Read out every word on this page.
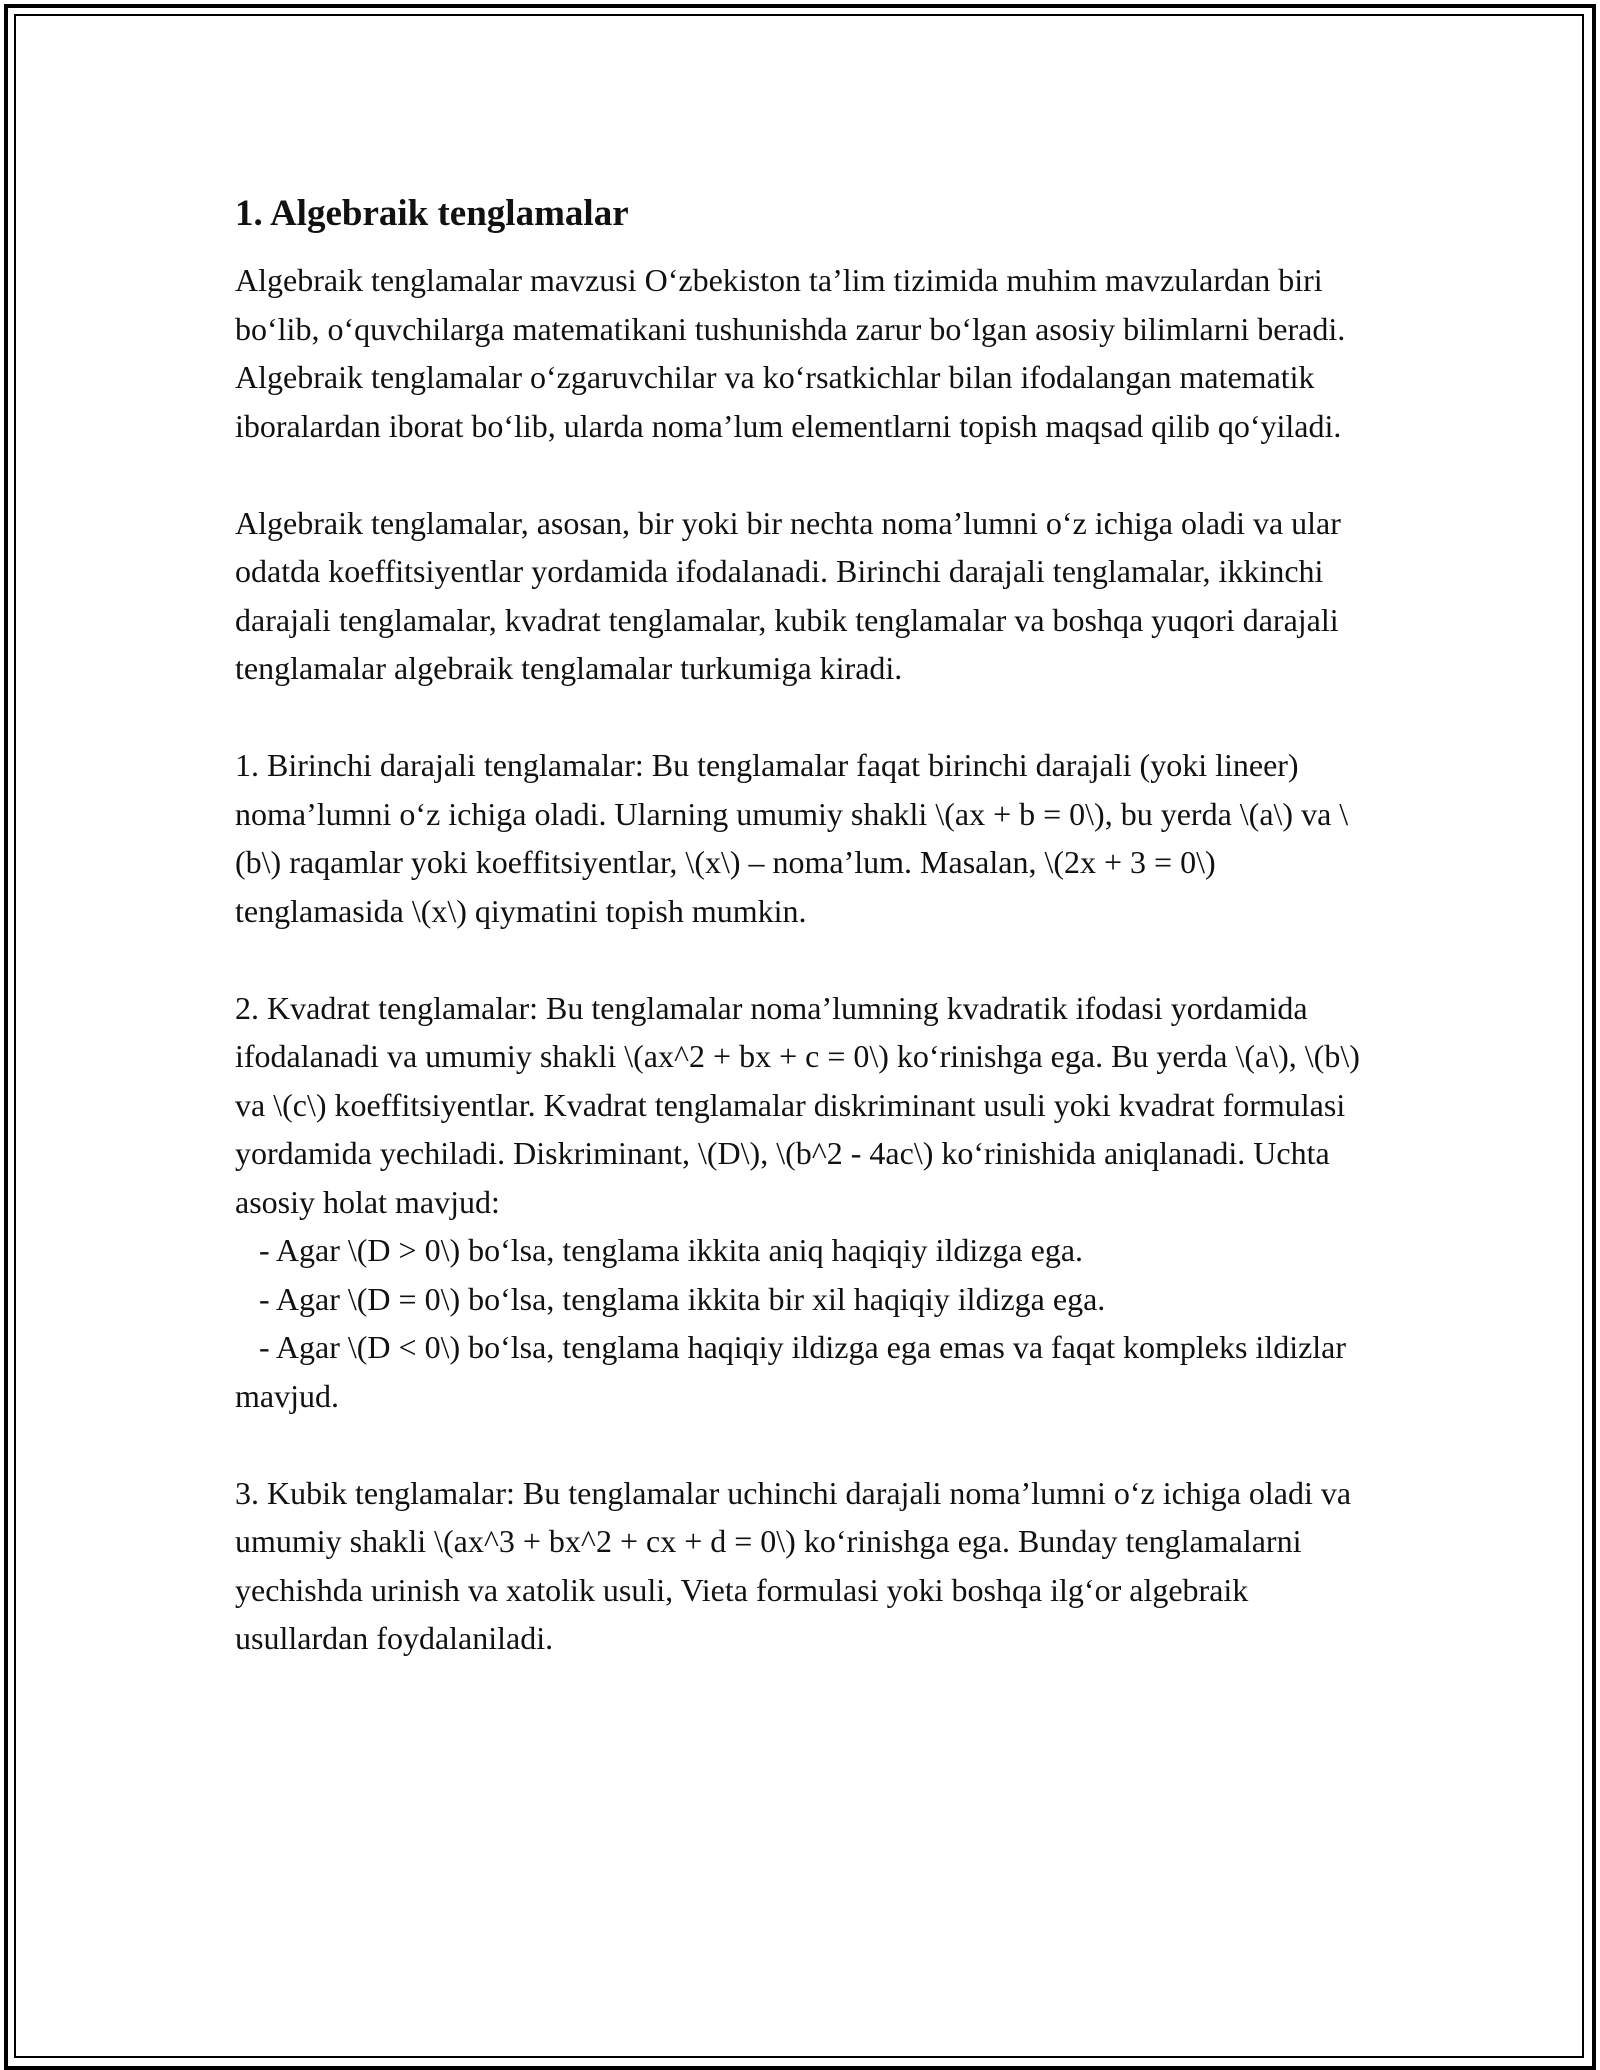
1. Algebraik tenglamalar

Algebraik tenglamalar mavzusi O‘zbekiston ta’lim tizimida muhim mavzulardan biri bo‘lib, o‘quvchilarga matematikani tushunishda zarur bo‘lgan asosiy bilimlarni beradi. Algebraik tenglamalar o‘zgaruvchilar va ko‘rsatkichlar bilan ifodalangan matematik iboralardan iborat bo‘lib, ularda noma’lum elementlarni topish maqsad qilib qo‘yiladi.

Algebraik tenglamalar, asosan, bir yoki bir nechta noma’lumni o‘z ichiga oladi va ular odatda koeffitsiyentlar yordamida ifodalanadi. Birinchi darajali tenglamalar, ikkinchi darajali tenglamalar, kvadrat tenglamalar, kubik tenglamalar va boshqa yuqori darajali tenglamalar algebraik tenglamalar turkumiga kiradi.

1. Birinchi darajali tenglamalar: Bu tenglamalar faqat birinchi darajali (yoki lineer) noma’lumni o‘z ichiga oladi. Ularning umumiy shakli \(ax + b = 0\), bu yerda \(a\) va \(b\) raqamlar yoki koeffitsiyentlar, \(x\) – noma’lum. Masalan, \(2x + 3 = 0\) tenglamasida \(x\) qiymatini topish mumkin.

2. Kvadrat tenglamalar: Bu tenglamalar noma’lumning kvadratik ifodasi yordamida ifodalanadi va umumiy shakli \(ax^2 + bx + c = 0\) ko‘rinishga ega. Bu yerda \(a\), \(b\) va \(c\) koeffitsiyentlar. Kvadrat tenglamalar diskriminant usuli yoki kvadrat formulasi yordamida yechiladi. Diskriminant, \(D\), \(b^2 - 4ac\) ko‘rinishida aniqlanadi. Uchta asosiy holat mavjud:
- Agar \(D > 0\) bo‘lsa, tenglama ikkita aniq haqiqiy ildizga ega.
- Agar \(D = 0\) bo‘lsa, tenglama ikkita bir xil haqiqiy ildizga ega.
- Agar \(D < 0\) bo‘lsa, tenglama haqiqiy ildizga ega emas va faqat kompleks ildizlar mavjud.

3. Kubik tenglamalar: Bu tenglamalar uchinchi darajali noma’lumni o‘z ichiga oladi va umumiy shakli \(ax^3 + bx^2 + cx + d = 0\) ko‘rinishga ega. Bunday tenglamalarni yechishda urinish va xatolik usuli, Vieta formulasi yoki boshqa ilg‘or algebraik usullardan foydalaniladi.
